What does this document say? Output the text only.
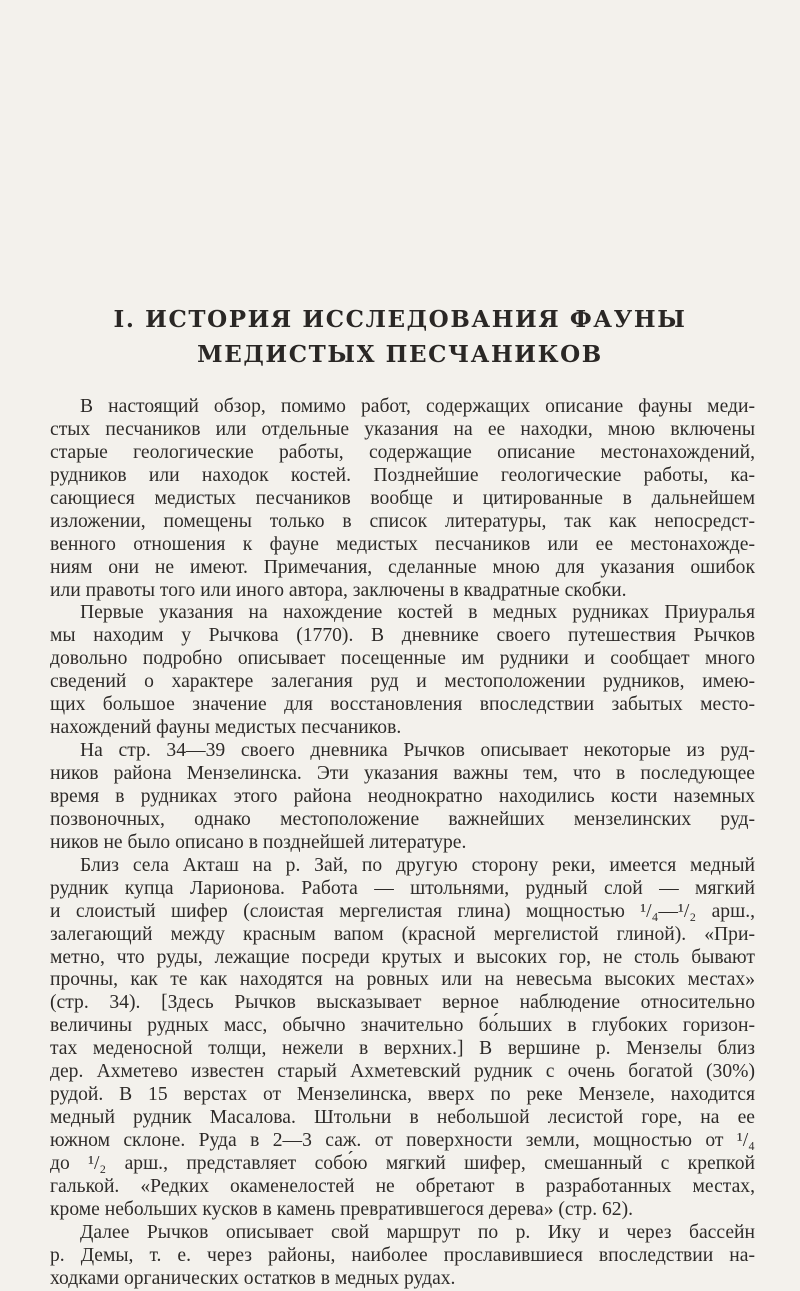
I. ИСТОРИЯ ИССЛЕДОВАНИЯ ФАУНЫ
МЕДИСТЫХ ПЕСЧАНИКОВ
В настоящий обзор, помимо работ, содержащих описание фауны меди-
стых песчаников или отдельные указания на ее находки, мною включены
старые геологические работы, содержащие описание местонахождений,
рудников или находок костей. Позднейшие геологические работы, ка-
сающиеся медистых песчаников вообще и цитированные в дальнейшем
изложении, помещены только в список литературы, так как непосредст-
венного отношения к фауне медистых песчаников или ее местонахожде-
ниям они не имеют. Примечания, сделанные мною для указания ошибок
или правоты того или иного автора, заключены в квадратные скобки.
Первые указания на нахождение костей в медных рудниках Приуралья
мы находим у Рычкова (1770). В дневнике своего путешествия Рычков
довольно подробно описывает посещенные им рудники и сообщает много
сведений о характере залегания руд и местоположении рудников, имею-
щих большое значение для восстановления впоследствии забытых место-
нахождений фауны медистых песчаников.
На стр. 34—39 своего дневника Рычков описывает некоторые из руд-
ников района Мензелинска. Эти указания важны тем, что в последующее
время в рудниках этого района неоднократно находились кости наземных
позвоночных, однако местоположение важнейших мензелинских руд-
ников не было описано в позднейшей литературе.
Близ села Акташ на р. Зай, по другую сторону реки, имеется медный
рудник купца Ларионова. Работа — штольнями, рудный слой — мягкий
и слоистый шифер (слоистая мергелистая глина) мощностью ¹/₄—¹/₂ арш.,
залегающий между красным вапом (красной мергелистой глиной). «При-
метно, что руды, лежащие посреди крутых и высоких гор, не столь бывают
прочны, как те как находятся на ровных или на невесьма высоких местах»
(стр. 34). [Здесь Рычков высказывает верное наблюдение относительно
величины рудных масс, обычно значительно бо́льших в глубоких горизон-
тах меденосной толщи, нежели в верхних.] В вершине р. Мензелы близ
дер. Ахметево известен старый Ахметевский рудник с очень богатой (30%)
рудой. В 15 верстах от Мензелинска, вверх по реке Мензеле, находится
медный рудник Масалова. Штольни в небольшой лесистой горе, на ее
южном склоне. Руда в 2—3 саж. от поверхности земли, мощностью от ¹/₄
до ¹/₂ арш., представляет собо́ю мягкий шифер, смешанный с крепкой
галькой. «Редких окаменелостей не обретают в разработанных местах,
кроме небольших кусков в камень превратившегося дерева» (стр. 62).
Далее Рычков описывает свой маршрут по р. Ику и через бассейн
р. Демы, т. е. через районы, наиболее прославившиеся впоследствии на-
ходками органических остатков в медных рудах.
